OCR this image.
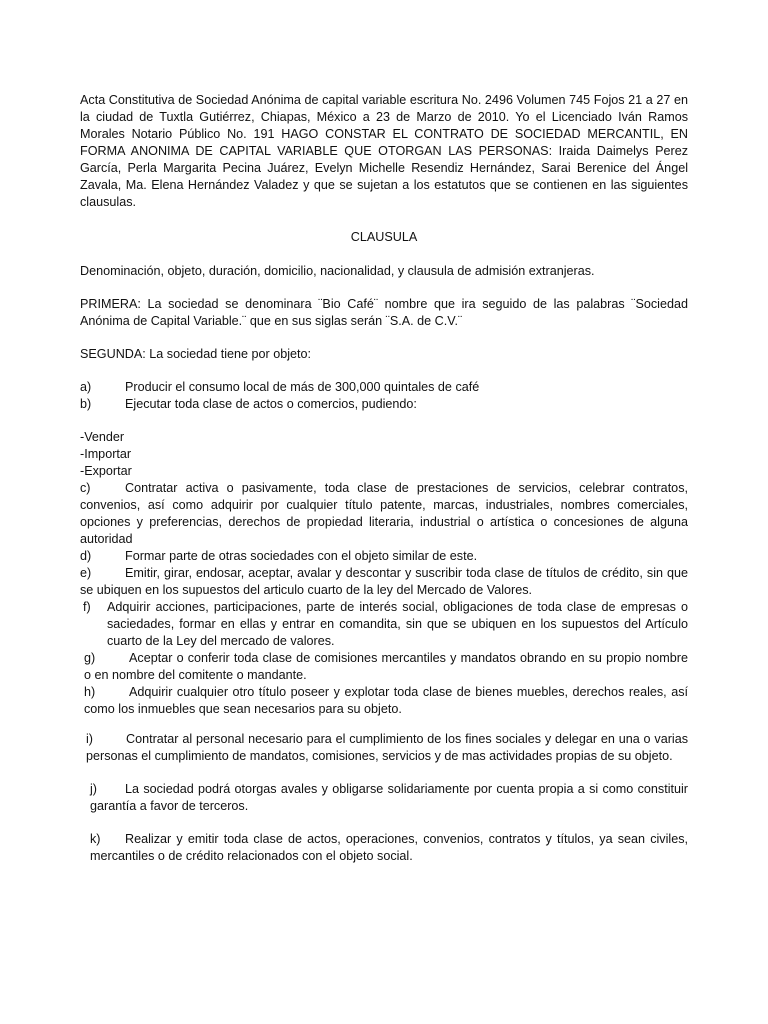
Acta Constitutiva de Sociedad Anónima de capital variable escritura No. 2496 Volumen 745 Fojos 21 a 27 en la ciudad de Tuxtla Gutiérrez, Chiapas, México a 23 de Marzo de 2010. Yo el Licenciado Iván Ramos Morales Notario Público No. 191 HAGO CONSTAR EL CONTRATO DE SOCIEDAD MERCANTIL, EN FORMA ANONIMA DE CAPITAL VARIABLE QUE OTORGAN LAS PERSONAS: Iraida Daimelys Perez García, Perla Margarita Pecina Juárez, Evelyn Michelle Resendiz Hernández, Sarai Berenice del Ángel Zavala, Ma. Elena Hernández Valadez y que se sujetan a los estatutos que se contienen en las siguientes clausulas.

CLAUSULA

Denominación, objeto, duración, domicilio, nacionalidad, y clausula de admisión extranjeras.

PRIMERA: La sociedad se denominara ¨Bio Café¨ nombre que ira seguido de las palabras ¨Sociedad Anónima de Capital Variable.¨ que en sus siglas serán ¨S.A. de C.V.¨

SEGUNDA: La sociedad tiene por objeto:

a)	Producir el consumo local de más de 300,000 quintales de café
b)	Ejecutar toda clase de actos o comercios, pudiendo:
-Vender
-Importar
-Exportar

c)	Contratar activa o pasivamente, toda clase de prestaciones de servicios, celebrar contratos, convenios, así como adquirir por cualquier título patente, marcas, industriales, nombres comerciales, opciones y preferencias, derechos de propiedad literaria, industrial o artística o concesiones de alguna autoridad

d)	Formar parte de otras sociedades con el objeto similar de este.

e)	Emitir, girar, endosar, aceptar, avalar y descontar y suscribir toda clase de títulos de crédito, sin que se ubiquen en los supuestos del articulo cuarto de la ley del Mercado de Valores.

f)	Adquirir acciones, participaciones, parte de interés social, obligaciones de toda clase de empresas o saciedades, formar en ellas y entrar en comandita, sin que se ubiquen en los supuestos del Artículo cuarto de la Ley del mercado de valores.

g)	Aceptar o conferir toda clase de comisiones mercantiles y mandatos obrando en su propio nombre o en nombre del comitente o mandante.

h)	Adquirir cualquier otro título poseer y explotar toda clase de bienes muebles, derechos reales, así como los inmuebles que sean necesarios para su objeto.

i)	Contratar al personal necesario para el cumplimiento de los fines sociales y delegar en una o varias personas el cumplimiento de mandatos, comisiones, servicios y de mas actividades propias de su objeto.

j) La sociedad podrá otorgas avales y obligarse solidariamente por cuenta propia a si como constituir garantía a favor de terceros.

k) Realizar y emitir toda clase de actos, operaciones, convenios, contratos y títulos, ya sean civiles, mercantiles o de crédito relacionados con el objeto social.
